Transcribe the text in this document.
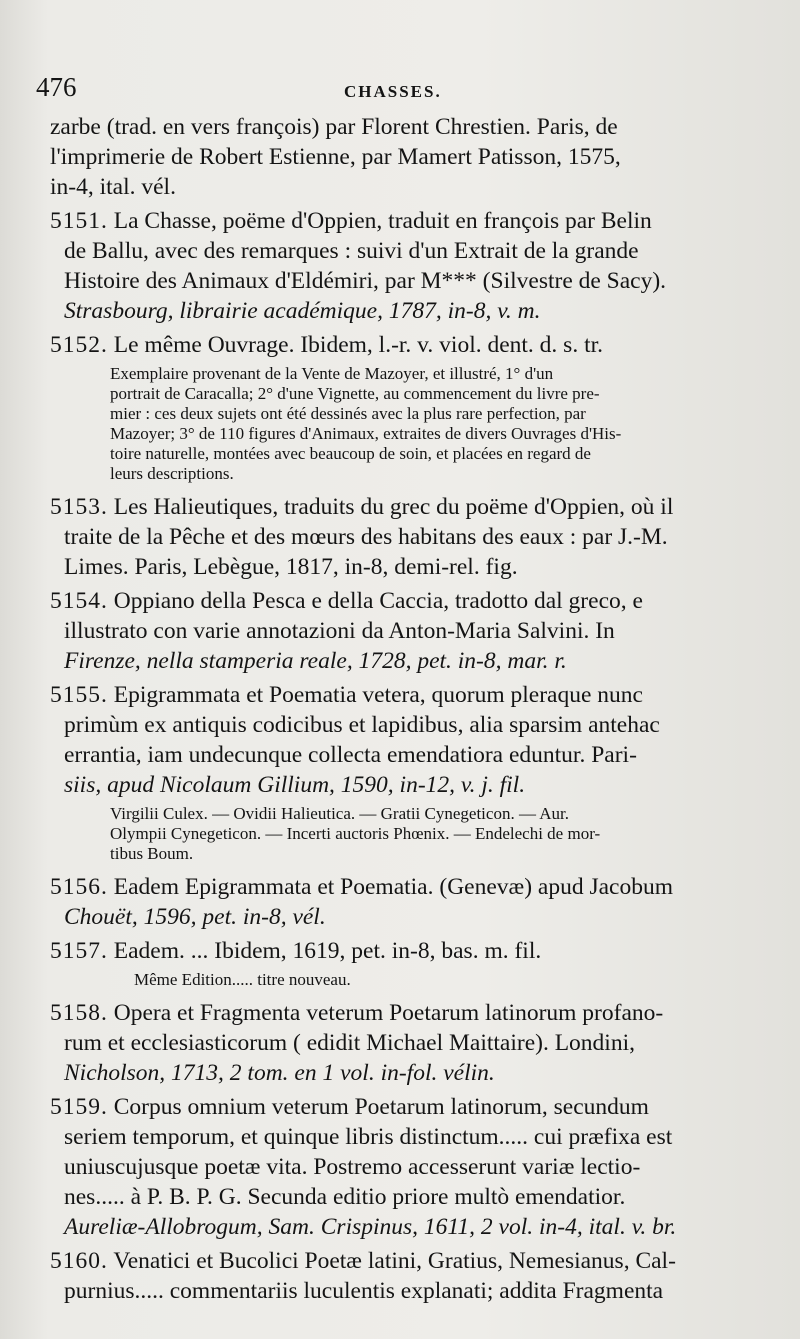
476	CHASSES.
zarbe (trad. en vers françois) par Florent Chrestien. Paris, de
l'imprimerie de Robert Estienne, par Mamert Patisson, 1575,
in-4, ital. vél.
5151. La Chasse, poëme d'Oppien, traduit en françois par Belin
de Ballu, avec des remarques : suivi d'un Extrait de la grande
Histoire des Animaux d'Eldémiri, par M*** (Silvestre de Sacy).
Strasbourg, librairie académique, 1787, in-8, v. m.
5152. Le même Ouvrage. Ibidem, l.-r. v. viol. dent. d. s. tr.
Exemplaire provenant de la Vente de Mazoyer, et illustré, 1° d'un
portrait de Caracalla; 2° d'une Vignette, au commencement du livre pre-
mier : ces deux sujets ont été dessinés avec la plus rare perfection, par
Mazoyer; 3° de 110 figures d'Animaux, extraites de divers Ouvrages d'His-
toire naturelle, montées avec beaucoup de soin, et placées en regard de
leurs descriptions.
5153. Les Halieutiques, traduits du grec du poëme d'Oppien, où il
traite de la Pêche et des mœurs des habitans des eaux : par J.-M.
Limes. Paris, Lebègue, 1817, in-8, demi-rel. fig.
5154. Oppiano della Pesca e della Caccia, tradotto dal greco, e
illustrato con varie annotazioni da Anton-Maria Salvini. In
Firenze, nella stamperia reale, 1728, pet. in-8, mar. r.
5155. Epigrammata et Poematia vetera, quorum pleraque nunc
primùm ex antiquis codicibus et lapidibus, alia sparsim antehac
errantia, iam undecunque collecta emendatiora eduntur. Pari-
siis, apud Nicolaum Gillium, 1590, in-12, v. j. fil.
Virgilii Culex. — Ovidii Halieutica. — Gratii Cynegeticon. — Aur.
Olympii Cynegeticon. — Incerti auctoris Phœnix. — Endelechi de mor-
tibus Boum.
5156. Eadem Epigrammata et Poematia. (Genevæ) apud Jacobum
Chouët, 1596, pet. in-8, vél.
5157. Eadem. ... Ibidem, 1619, pet. in-8, bas. m. fil.
Même Edition..... titre nouveau.
5158. Opera et Fragmenta veterum Poetarum latinorum profano-
rum et ecclesiasticorum ( edidit Michael Maittaire). Londini,
Nicholson, 1713, 2 tom. en 1 vol. in-fol. vélin.
5159. Corpus omnium veterum Poetarum latinorum, secundum
seriem temporum, et quinque libris distinctum..... cui præfixa est
uniuscujusque poetæ vita. Postremo accesserunt variæ lectio-
nes..... à P. B. P. G. Secunda editio priore multò emendatior.
Aureliæ-Allobrogum, Sam. Crispinus, 1611, 2 vol. in-4, ital. v. br.
5160. Venatici et Bucolici Poetæ latini, Gratius, Nemesianus, Cal-
purnius..... commentariis luculentis explanati; addita Fragmenta
